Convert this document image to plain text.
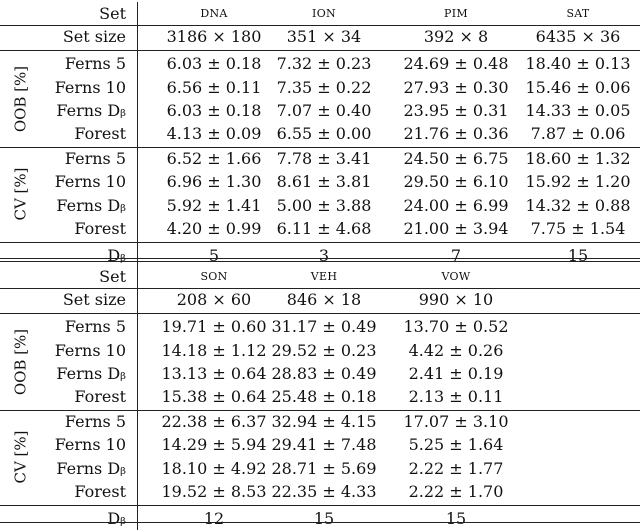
Set	DNA	ION	PIM	SAT
Set size	3186 × 180	351 × 34	392 × 8	6435 × 36
OOB [%]
Ferns 5	6.03 ± 0.18 7.32 ± 0.23	24.69 ± 0.48	18.40 ± 0.13
Ferns 10	6.56 ± 0.11 7.35 ± 0.22	27.93 ± 0.30	15.46 ± 0.06
Ferns Dᵦ	6.03 ± 0.18 7.07 ± 0.40	23.95 ± 0.31	14.33 ± 0.05
Forest	4.13 ± 0.09 6.55 ± 0.00	21.76 ± 0.36	7.87 ± 0.06
CV [%]
Ferns 5	6.52 ± 1.66 7.78 ± 3.41	24.50 ± 6.75	18.60 ± 1.32
Ferns 10	6.96 ± 1.30 8.61 ± 3.81	29.50 ± 6.10	15.92 ± 1.20
Ferns Dᵦ	5.92 ± 1.41 5.00 ± 3.88	24.00 ± 6.99	14.32 ± 0.88
Forest	4.20 ± 0.99 6.11 ± 4.68	21.00 ± 3.94	7.75 ± 1.54
Dᵦ	5	3	7	15
Set	SON	VEH	VOW
Set size	208 × 60	846 × 18	990 × 10
OOB [%]
Ferns 5	19.71 ± 0.60 31.17 ± 0.49	13.70 ± 0.52
Ferns 10	14.18 ± 1.12 29.52 ± 0.23	4.42 ± 0.26
Ferns Dᵦ	13.13 ± 0.64 28.83 ± 0.49	2.41 ± 0.19
Forest	15.38 ± 0.64 25.48 ± 0.18	2.13 ± 0.11
CV [%]
Ferns 5	22.38 ± 6.37 32.94 ± 4.15	17.07 ± 3.10
Ferns 10	14.29 ± 5.94 29.41 ± 7.48	5.25 ± 1.64
Ferns Dᵦ	18.10 ± 4.92 28.71 ± 5.69	2.22 ± 1.77
Forest	19.52 ± 8.53 22.35 ± 4.33	2.22 ± 1.70
Dᵦ	12	15	15
